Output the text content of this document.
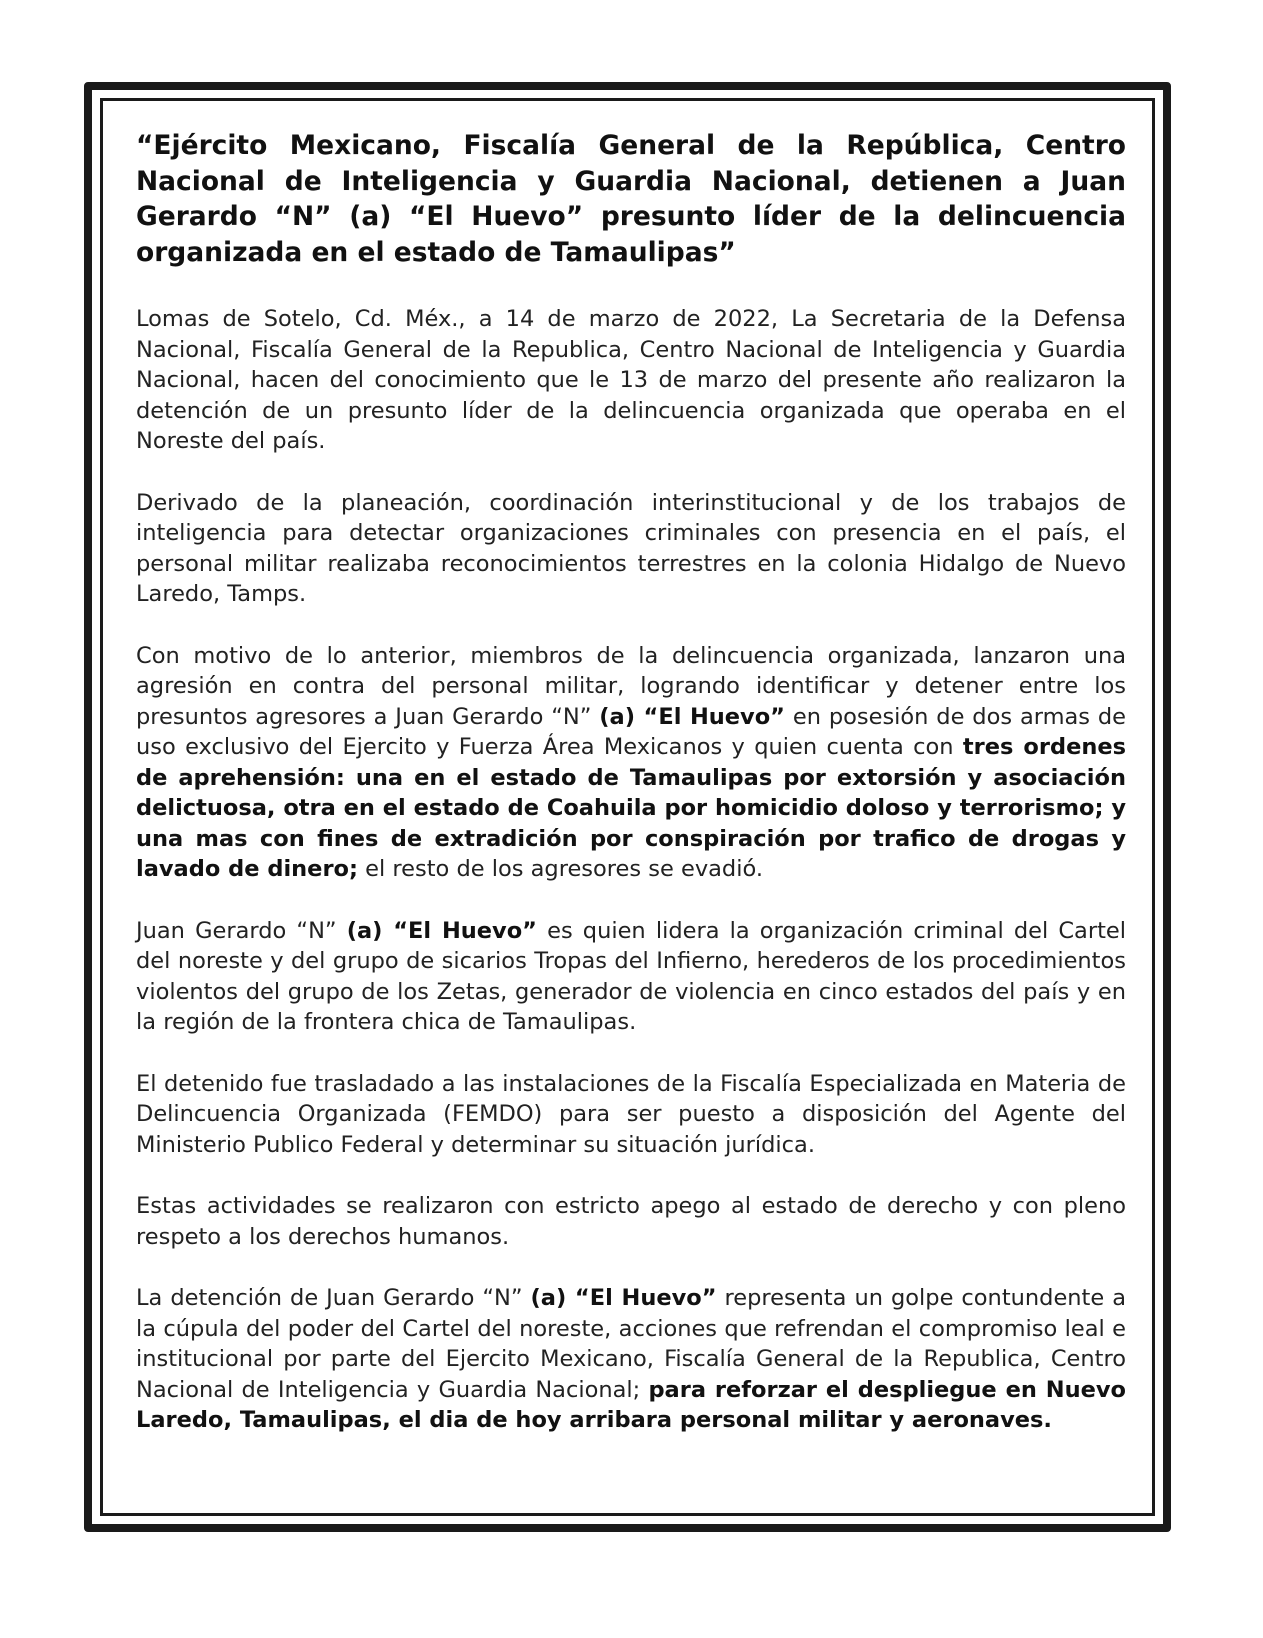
“Ejército Mexicano, Fiscalía General de la República, Centro Nacional de Inteligencia y Guardia Nacional, detienen a Juan Gerardo “N” (a) “El Huevo” presunto líder de la delincuencia organizada en el estado de Tamaulipas”

Lomas de Sotelo, Cd. Méx., a 14 de marzo de 2022, La Secretaria de la Defensa Nacional, Fiscalía General de la Republica, Centro Nacional de Inteligencia y Guardia Nacional, hacen del conocimiento que le 13 de marzo del presente año realizaron la detención de un presunto líder de la delincuencia organizada que operaba en el Noreste del país.

Derivado de la planeación, coordinación interinstitucional y de los trabajos de inteligencia para detectar organizaciones criminales con presencia en el país, el personal militar realizaba reconocimientos terrestres en la colonia Hidalgo de Nuevo Laredo, Tamps.

Con motivo de lo anterior, miembros de la delincuencia organizada, lanzaron una agresión en contra del personal militar, logrando identificar y detener entre los presuntos agresores a Juan Gerardo “N” (a) “El Huevo” en posesión de dos armas de uso exclusivo del Ejercito y Fuerza Área Mexicanos y quien cuenta con tres ordenes de aprehensión: una en el estado de Tamaulipas por extorsión y asociación delictuosa, otra en el estado de Coahuila por homicidio doloso y terrorismo; y una mas con fines de extradición por conspiración por trafico de drogas y lavado de dinero; el resto de los agresores se evadió.

Juan Gerardo “N” (a) “El Huevo” es quien lidera la organización criminal del Cartel del noreste y del grupo de sicarios Tropas del Infierno, herederos de los procedimientos violentos del grupo de los Zetas, generador de violencia en cinco estados del país y en la región de la frontera chica de Tamaulipas.

El detenido fue trasladado a las instalaciones de la Fiscalía Especializada en Materia de Delincuencia Organizada (FEMDO) para ser puesto a disposición del Agente del Ministerio Publico Federal y determinar su situación jurídica.

Estas actividades se realizaron con estricto apego al estado de derecho y con pleno respeto a los derechos humanos.

La detención de Juan Gerardo “N” (a) “El Huevo” representa un golpe contundente a la cúpula del poder del Cartel del noreste, acciones que refrendan el compromiso leal e institucional por parte del Ejercito Mexicano, Fiscalía General de la Republica, Centro Nacional de Inteligencia y Guardia Nacional; para reforzar el despliegue en Nuevo Laredo, Tamaulipas, el dia de hoy arribara personal militar y aeronaves.
